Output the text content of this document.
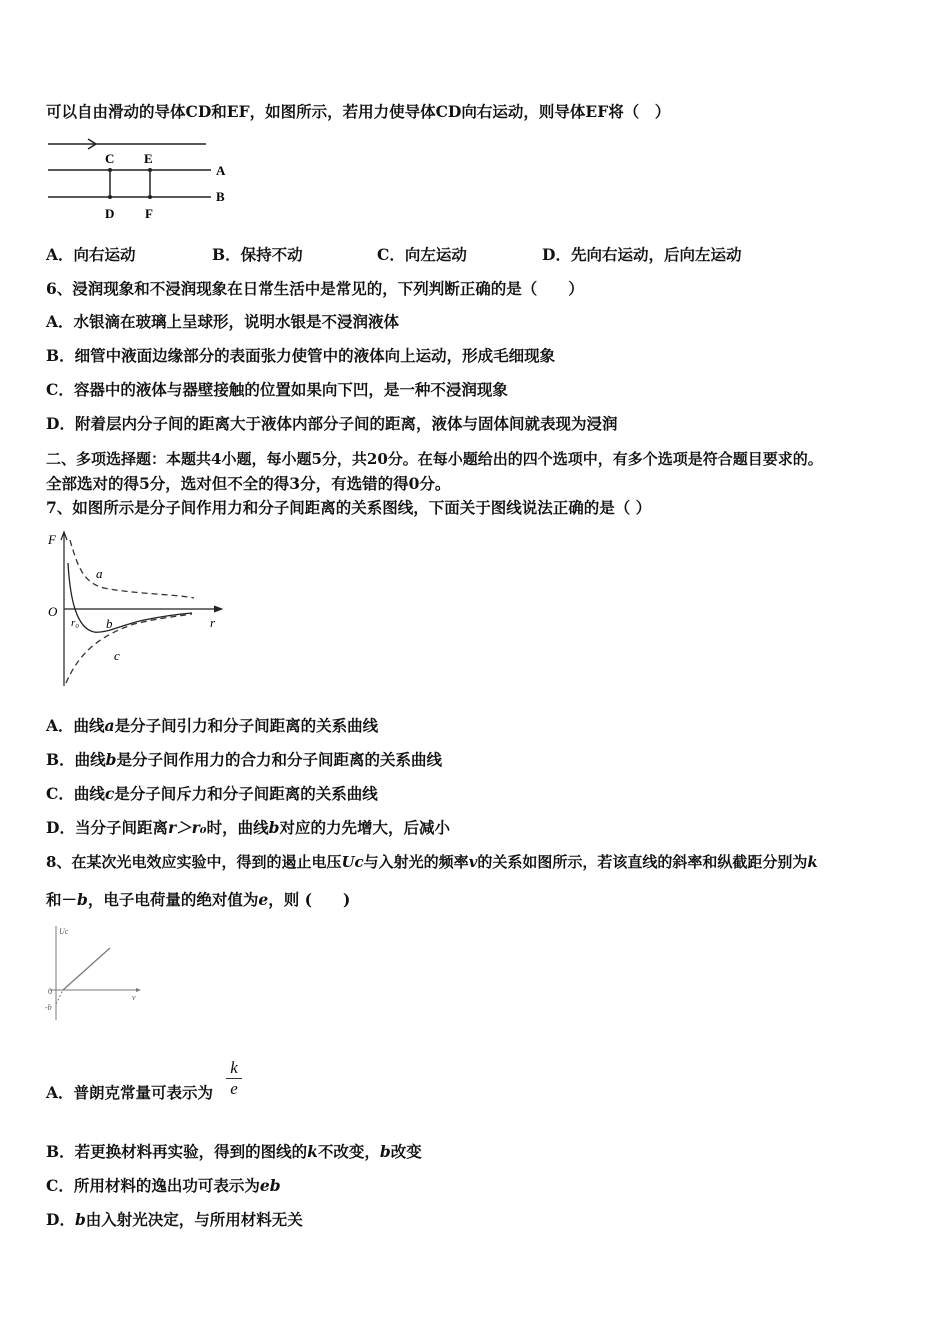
可以自由滑动的导体CD和EF，如图所示，若用力使导体CD向右运动，则导体EF将（　）
C E
A
B
D F
A．向右运动	B．保持不动	C．向左运动	D．先向右运动，后向左运动
6、浸润现象和不浸润现象在日常生活中是常见的，下列判断正确的是（　　）
A．水银滴在玻璃上呈球形，说明水银是不浸润液体
B．细管中液面边缘部分的表面张力使管中的液体向上运动，形成毛细现象
C．容器中的液体与器壁接触的位置如果向下凹，是一种不浸润现象
D．附着层内分子间的距离大于液体内部分子间的距离，液体与固体间就表现为浸润
二、多项选择题：本题共4小题，每小题5分，共20分。在每小题给出的四个选项中，有多个选项是符合题目要求的。
全部选对的得5分，选对但不全的得3分，有选错的得0分。
7、如图所示是分子间作用力和分子间距离的关系图线，下面关于图线说法正确的是（ ）
F
O
r₀	r
a
b
c
A．曲线a是分子间引力和分子间距离的关系曲线
B．曲线b是分子间作用力的合力和分子间距离的关系曲线
C．曲线c是分子间斥力和分子间距离的关系曲线
D．当分子间距离r＞r₀时，曲线b对应的力先增大，后减小
8、在某次光电效应实验中，得到的遏止电压Uc与入射光的频率v的关系如图所示，若该直线的斜率和纵截距分别为k
和－b，电子电荷量的绝对值为e，则 (　　)
Uc
0
-b
v
A．普朗克常量可表示为 $\frac{k}{e}$
B．若更换材料再实验，得到的图线的k不改变，b改变
C．所用材料的逸出功可表示为eb
D．b由入射光决定，与所用材料无关
